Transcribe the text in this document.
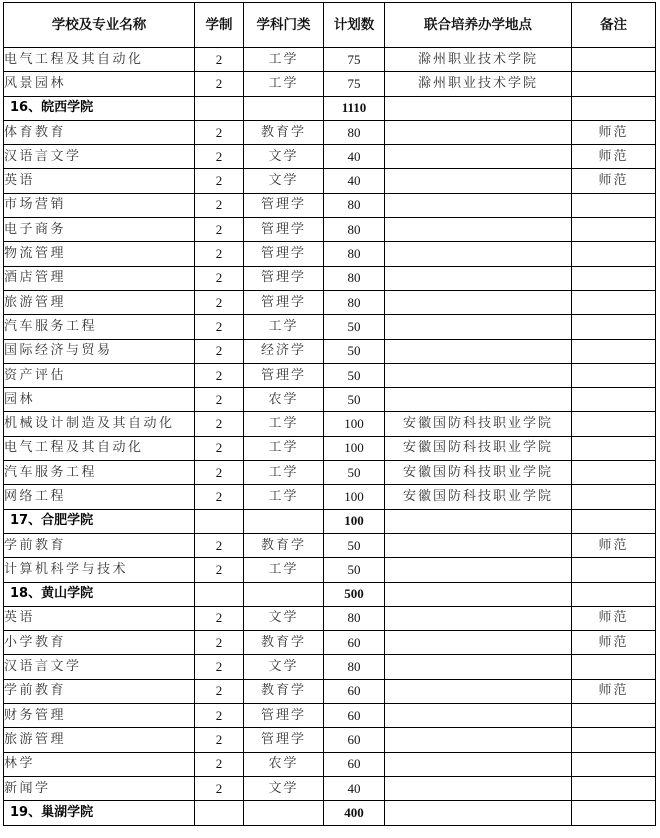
学校及专业名称	学制	学科门类	计划数	联合培养办学地点	备注
电气工程及其自动化	2	工学	75	滁州职业技术学院	
风景园林	2	工学	75	滁州职业技术学院	
16、皖西学院			1110		
体育教育	2	教育学	80		师范
汉语言文学	2	文学	40		师范
英语	2	文学	40		师范
市场营销	2	管理学	80		
电子商务	2	管理学	80		
物流管理	2	管理学	80		
酒店管理	2	管理学	80		
旅游管理	2	管理学	80		
汽车服务工程	2	工学	50		
国际经济与贸易	2	经济学	50		
资产评估	2	管理学	50		
园林	2	农学	50		
机械设计制造及其自动化	2	工学	100	安徽国防科技职业学院	
电气工程及其自动化	2	工学	100	安徽国防科技职业学院	
汽车服务工程	2	工学	50	安徽国防科技职业学院	
网络工程	2	工学	100	安徽国防科技职业学院	
17、合肥学院			100		
学前教育	2	教育学	50		师范
计算机科学与技术	2	工学	50		
18、黄山学院			500		
英语	2	文学	80		师范
小学教育	2	教育学	60		师范
汉语言文学	2	文学	80		
学前教育	2	教育学	60		师范
财务管理	2	管理学	60		
旅游管理	2	管理学	60		
林学	2	农学	60		
新闻学	2	文学	40		
19、巢湖学院			400		
